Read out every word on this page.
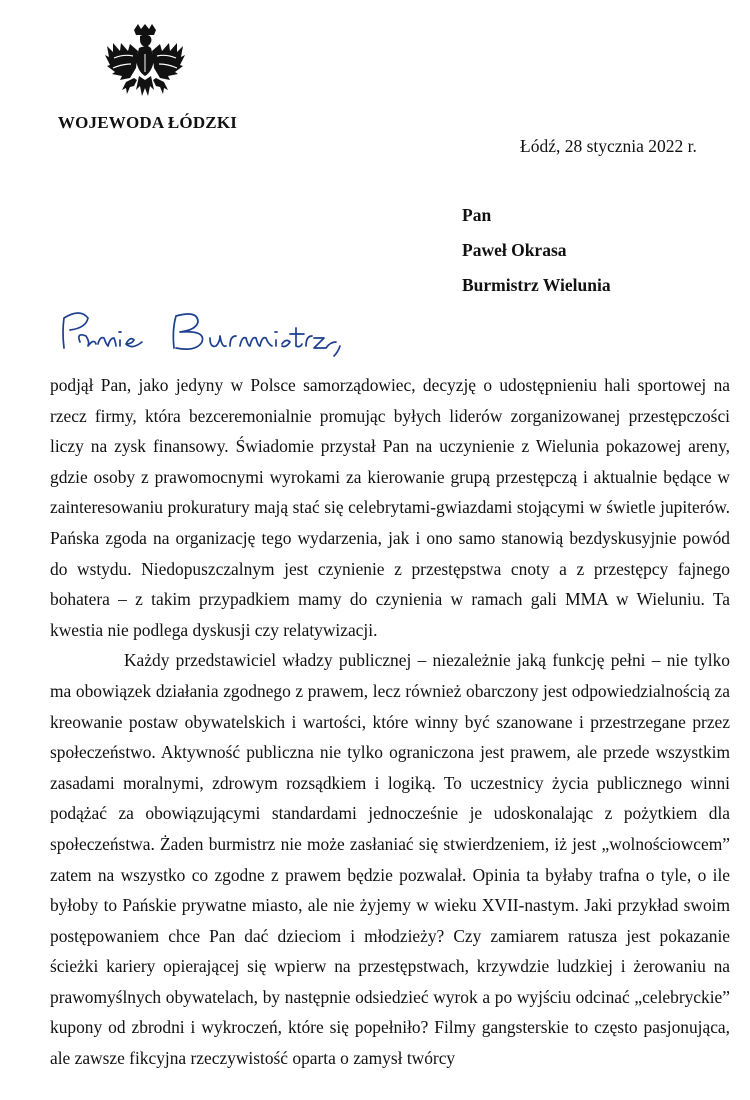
WOJEWODA ŁÓDZKI
Łódź, 28 stycznia 2022 r.
Pan
Paweł Okrasa
Burmistrz Wielunia

podjął Pan, jako jedyny w Polsce samorządowiec, decyzję o udostępnieniu hali sportowej na rzecz firmy, która bezceremonialnie promując byłych liderów zorganizowanej przestępczości liczy na zysk finansowy. Świadomie przystał Pan na uczynienie z Wielunia pokazowej areny, gdzie osoby z prawomocnymi wyrokami za kierowanie grupą przestępczą i aktualnie będące w zainteresowaniu prokuratury mają stać się celebrytami-gwiazdami stojącymi w świetle jupiterów. Pańska zgoda na organizację tego wydarzenia, jak i ono samo stanowią bezdyskusyjnie powód do wstydu. Niedopuszczalnym jest czynienie z przestępstwa cnoty a z przestępcy fajnego bohatera – z takim przypadkiem mamy do czynienia w ramach gali MMA w Wieluniu. Ta kwestia nie podlega dyskusji czy relatywizacji.

Każdy przedstawiciel władzy publicznej – niezależnie jaką funkcję pełni – nie tylko ma obowiązek działania zgodnego z prawem, lecz również obarczony jest odpowiedzialnością za kreowanie postaw obywatelskich i wartości, które winny być szanowane i przestrzegane przez społeczeństwo. Aktywność publiczna nie tylko ograniczona jest prawem, ale przede wszystkim zasadami moralnymi, zdrowym rozsądkiem i logiką. To uczestnicy życia publicznego winni podążać za obowiązującymi standardami jednocześnie je udoskonalając z pożytkiem dla społeczeństwa. Żaden burmistrz nie może zasłaniać się stwierdzeniem, iż jest „wolnościowcem” zatem na wszystko co zgodne z prawem będzie pozwalał. Opinia ta byłaby trafna o tyle, o ile byłoby to Pańskie prywatne miasto, ale nie żyjemy w wieku XVII-nastym. Jaki przykład swoim postępowaniem chce Pan dać dzieciom i młodzieży? Czy zamiarem ratusza jest pokazanie ścieżki kariery opierającej się wpierw na przestępstwach, krzywdzie ludzkiej i żerowaniu na prawomyślnych obywatelach, by następnie odsiedzieć wyrok a po wyjściu odcinać „celebryckie” kupony od zbrodni i wykroczeń, które się popełniło? Filmy gangsterskie to często pasjonująca, ale zawsze fikcyjna rzeczywistość oparta o zamysł twórcy
